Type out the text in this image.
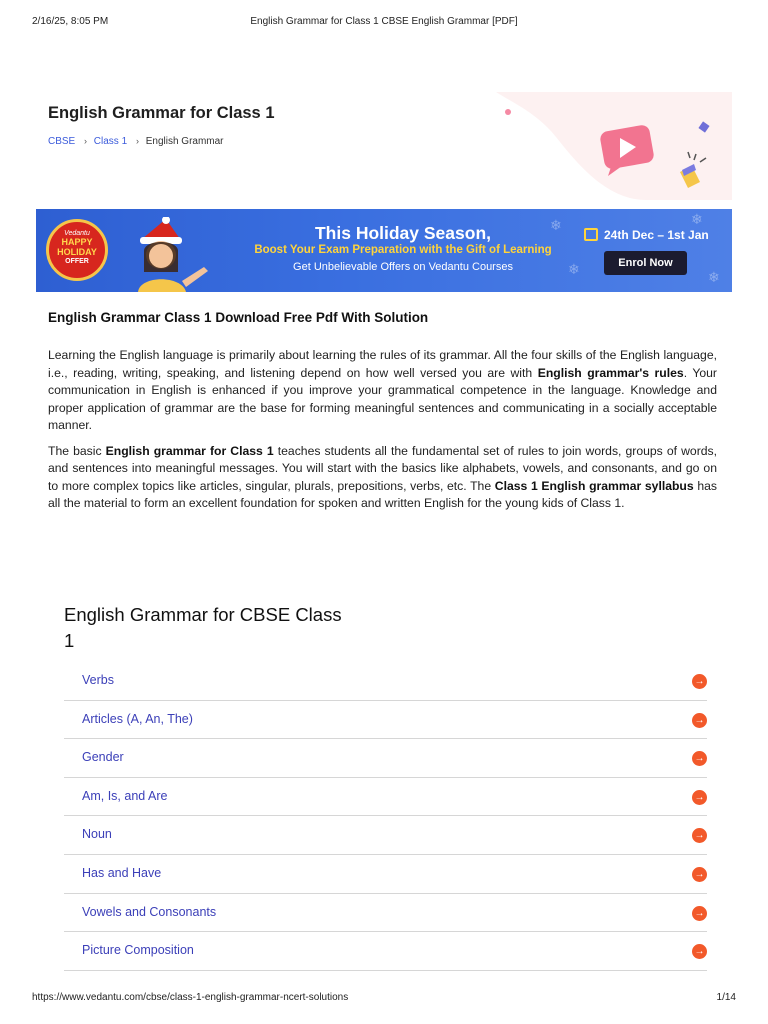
2/16/25, 8:05 PM	English Grammar for Class 1 CBSE English Grammar [PDF]
English Grammar for Class 1
CBSE › Class 1 › English Grammar
❄
❄	❄
❄
Vedantu
HAPPY
HOLIDAY
OFFER
This Holiday Season,
Boost Your Exam Preparation with the Gift of Learning
Get Unbelievable Offers on Vedantu Courses
24th Dec – 1st Jan
Enrol Now
English Grammar Class 1 Download Free Pdf With Solution

Learning the English language is primarily about learning the rules of its grammar. All the four skills of the English language, i.e., reading, writing, speaking, and listening depend on how well versed you are with English grammar's rules. Your communication in English is enhanced if you improve your grammatical competence in the language. Knowledge and proper application of grammar are the base for forming meaningful sentences and communicating in a socially acceptable manner.

The basic English grammar for Class 1 teaches students all the fundamental set of rules to join words, groups of words, and sentences into meaningful messages. You will start with the basics like alphabets, vowels, and consonants, and go on to more complex topics like articles, singular, plurals, prepositions, verbs, etc. The Class 1 English grammar syllabus has all the material to form an excellent foundation for spoken and written English for the young kids of Class 1.

English Grammar for CBSE Class 1
Verbs	→
Articles (A, An, The)	→
Gender	→
Am, Is, and Are	→
Noun	→
Has and Have	→
Vowels and Consonants	→
Picture Composition	→
https://www.vedantu.com/cbse/class-1-english-grammar-ncert-solutions	1/14
